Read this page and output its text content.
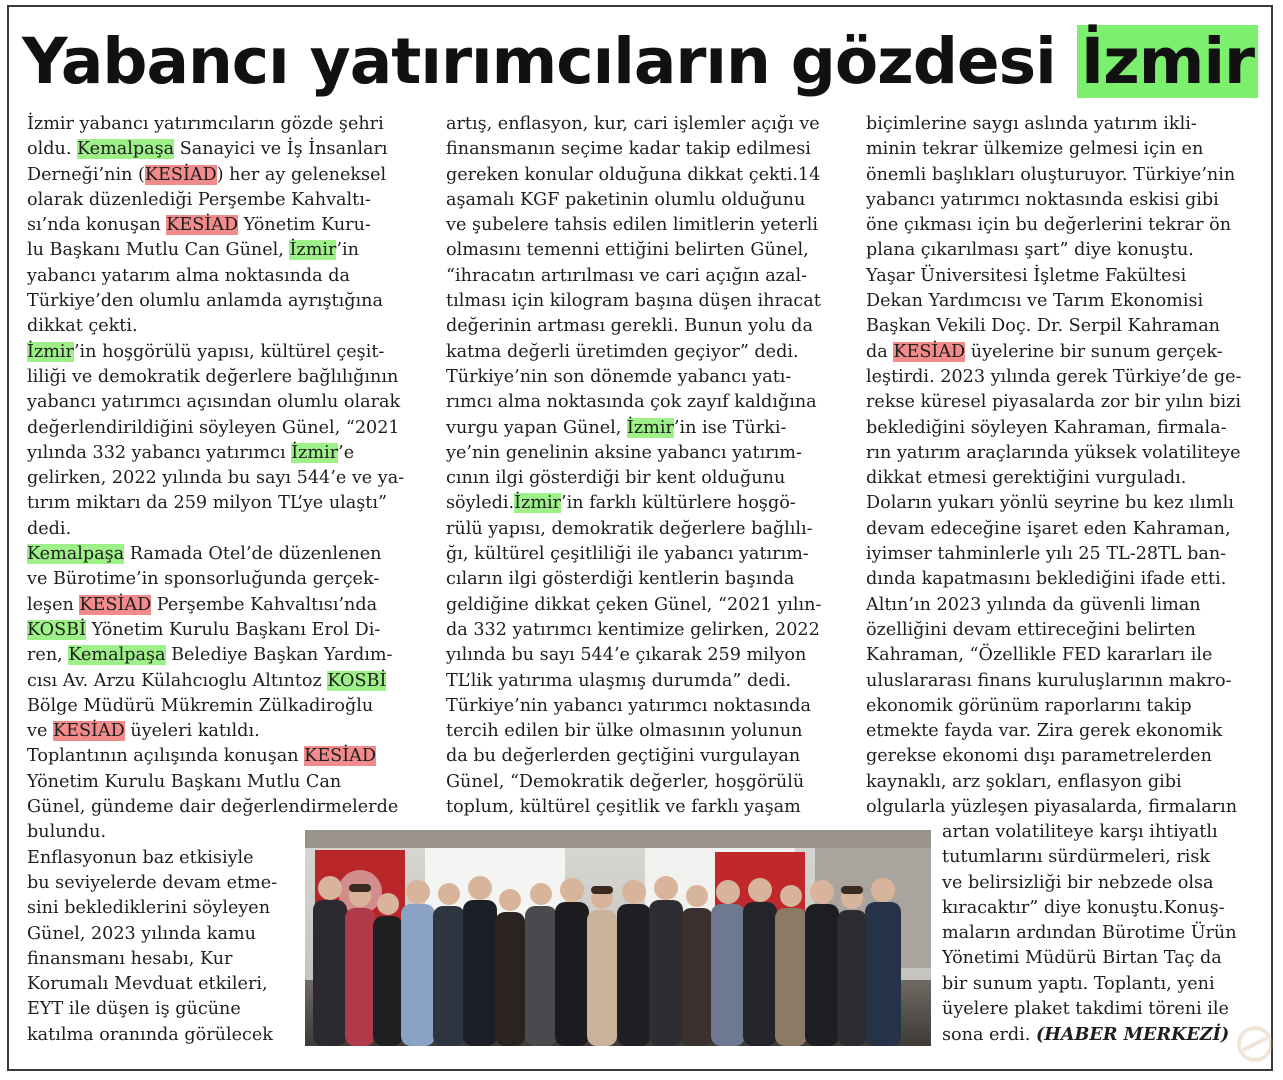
Yabancı yatırımcıların gözdesi İzmir

İzmir yabancı yatırımcıların gözde şehri

oldu. Kemalpaşa Sanayici ve İş İnsanları

Derneği’nin (KESİAD) her ay geleneksel

olarak düzenlediği Perşembe Kahvaltı-

sı’nda konuşan KESİAD Yönetim Kuru-

lu Başkanı Mutlu Can Günel, İzmir’in

yabancı yatarım alma noktasında da

Türkiye’den olumlu anlamda ayrıştığına

dikkat çekti.

İzmir’in hoşgörülü yapısı, kültürel çeşit-

liliği ve demokratik değerlere bağlılığının

yabancı yatırımcı açısından olumlu olarak

değerlendirildiğini söyleyen Günel, “2021

yılında 332 yabancı yatırımcı İzmir’e

gelirken, 2022 yılında bu sayı 544’e ve ya-

tırım miktarı da 259 milyon TL’ye ulaştı”

dedi.

Kemalpaşa Ramada Otel’de düzenlenen

ve Bürotime’in sponsorluğunda gerçek-

leşen KESİAD Perşembe Kahvaltısı’nda

KOSBİ Yönetim Kurulu Başkanı Erol Di-

ren, Kemalpaşa Belediye Başkan Yardım-

cısı Av. Arzu Külahcıoglu Altıntoz KOSBİ

Bölge Müdürü Mükremin Zülkadiroğlu

ve KESİAD üyeleri katıldı.

Toplantının açılışında konuşan KESİAD

Yönetim Kurulu Başkanı Mutlu Can

Günel, gündeme dair değerlendirmelerde

bulundu.

Enflasyonun baz etkisiyle

bu seviyelerde devam etme-

sini beklediklerini söyleyen

Günel, 2023 yılında kamu

finansmanı hesabı, Kur

Korumalı Mevduat etkileri,

EYT ile düşen iş gücüne

katılma oranında görülecek

artış, enflasyon, kur, cari işlemler açığı ve

finansmanın seçime kadar takip edilmesi

gereken konular olduğuna dikkat çekti.14

aşamalı KGF paketinin olumlu olduğunu

ve şubelere tahsis edilen limitlerin yeterli

olmasını temenni ettiğini belirten Günel,

“ihracatın artırılması ve cari açığın azal-

tılması için kilogram başına düşen ihracat

değerinin artması gerekli. Bunun yolu da

katma değerli üretimden geçiyor” dedi.

Türkiye’nin son dönemde yabancı yatı-

rımcı alma noktasında çok zayıf kaldığına

vurgu yapan Günel, İzmir’in ise Türki-

ye’nin genelinin aksine yabancı yatırım-

cının ilgi gösterdiği bir kent olduğunu

söyledi.İzmir’in farklı kültürlere hoşgö-

rülü yapısı, demokratik değerlere bağlılı-

ğı, kültürel çeşitliliği ile yabancı yatırım-

cıların ilgi gösterdiği kentlerin başında

geldiğine dikkat çeken Günel, “2021 yılın-

da 332 yatırımcı kentimize gelirken, 2022

yılında bu sayı 544’e çıkarak 259 milyon

TL’lik yatırıma ulaşmış durumda” dedi.

Türkiye’nin yabancı yatırımcı noktasında

tercih edilen bir ülke olmasının yolunun

da bu değerlerden geçtiğini vurgulayan

Günel, “Demokratik değerler, hoşgörülü

toplum, kültürel çeşitlik ve farklı yaşam

biçimlerine saygı aslında yatırım ikli-

minin tekrar ülkemize gelmesi için en

önemli başlıkları oluşturuyor. Türkiye’nin

yabancı yatırımcı noktasında eskisi gibi

öne çıkması için bu değerlerini tekrar ön

plana çıkarılması şart” diye konuştu.

Yaşar Üniversitesi İşletme Fakültesi

Dekan Yardımcısı ve Tarım Ekonomisi

Başkan Vekili Doç. Dr. Serpil Kahraman

da KESİAD üyelerine bir sunum gerçek-

leştirdi. 2023 yılında gerek Türkiye’de ge-

rekse küresel piyasalarda zor bir yılın bizi

beklediğini söyleyen Kahraman, firmala-

rın yatırım araçlarında yüksek volatiliteye

dikkat etmesi gerektiğini vurguladı.

Doların yukarı yönlü seyrine bu kez ılımlı

devam edeceğine işaret eden Kahraman,

iyimser tahminlerle yılı 25 TL-28TL ban-

dında kapatmasını beklediğini ifade etti.

Altın’ın 2023 yılında da güvenli liman

özelliğini devam ettireceğini belirten

Kahraman, “Özellikle FED kararları ile

uluslararası finans kuruluşlarının makro-

ekonomik görünüm raporlarını takip

etmekte fayda var. Zira gerek ekonomik

gerekse ekonomi dışı parametrelerden

kaynaklı, arz şokları, enflasyon gibi

olgularla yüzleşen piyasalarda, firmaların

artan volatiliteye karşı ihtiyatlı

tutumlarını sürdürmeleri, risk

ve belirsizliği bir nebzede olsa

kıracaktır” diye konuştu.Konuş-

maların ardından Bürotime Ürün

Yönetimi Müdürü Birtan Taç da

bir sunum yaptı. Toplantı, yeni

üyelere plaket takdimi töreni ile

sona erdi. (HABER MERKEZİ)
